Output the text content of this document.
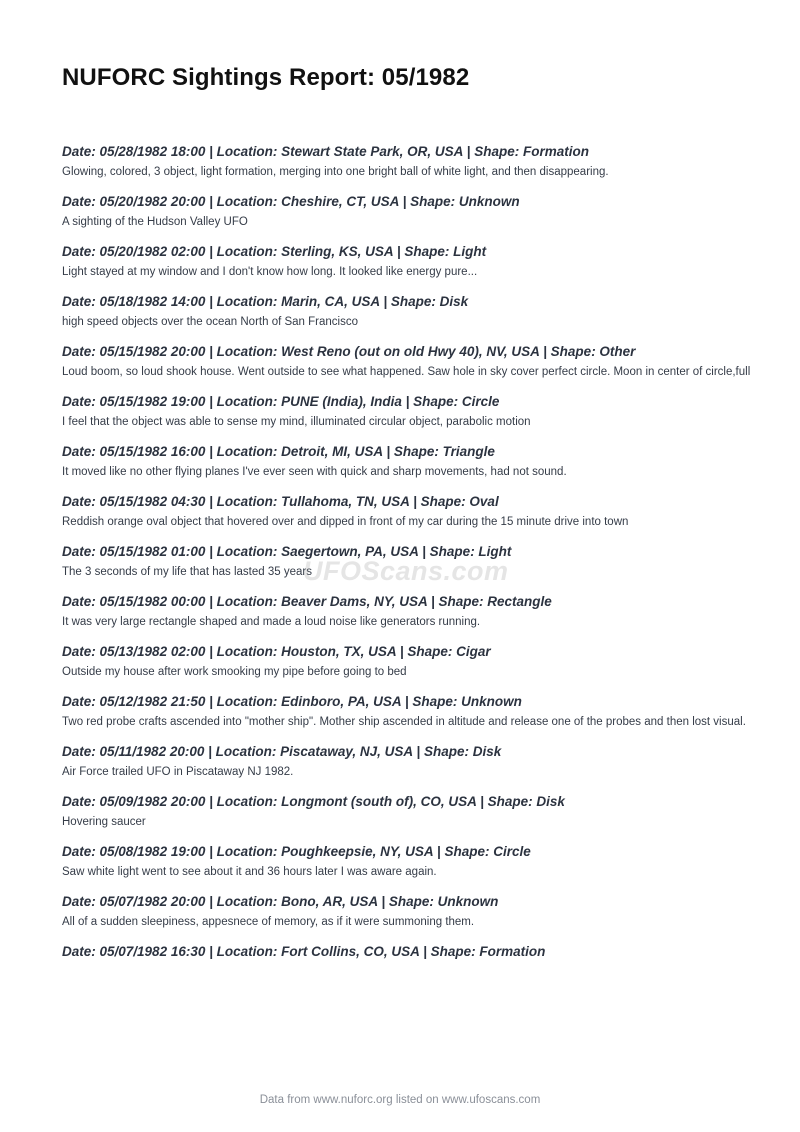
NUFORC Sightings Report: 05/1982

Date: 05/28/1982 18:00 | Location: Stewart State Park, OR, USA | Shape: Formation

Glowing, colored, 3 object, light formation, merging into one bright ball of white light, and then disappearing.

Date: 05/20/1982 20:00 | Location: Cheshire, CT, USA | Shape: Unknown

A sighting of the Hudson Valley UFO

Date: 05/20/1982 02:00 | Location: Sterling, KS, USA | Shape: Light

Light stayed at my window and I don't know how long. It looked like energy pure...

Date: 05/18/1982 14:00 | Location: Marin, CA, USA | Shape: Disk

high speed objects over the ocean North of San Francisco

Date: 05/15/1982 20:00 | Location: West Reno (out on old Hwy 40), NV, USA | Shape: Other

Loud boom, so loud shook house. Went outside to see what happened. Saw hole in sky cover perfect circle. Moon in center of circle,full

Date: 05/15/1982 19:00 | Location: PUNE (India), India | Shape: Circle

I feel that the object was able to sense my mind, illuminated circular object, parabolic motion

Date: 05/15/1982 16:00 | Location: Detroit, MI, USA | Shape: Triangle

It moved like no other flying planes I've ever seen with quick and sharp movements, had not sound.

Date: 05/15/1982 04:30 | Location: Tullahoma, TN, USA | Shape: Oval

Reddish orange oval object that hovered over and dipped in front of my car during the 15 minute drive into town

Date: 05/15/1982 01:00 | Location: Saegertown, PA, USA | Shape: Light

The 3 seconds of my life that has lasted 35 years

Date: 05/15/1982 00:00 | Location: Beaver Dams, NY, USA | Shape: Rectangle

It was very large rectangle shaped and made a loud noise like generators running.

Date: 05/13/1982 02:00 | Location: Houston, TX, USA | Shape: Cigar

Outside my house after work smooking my pipe before going to bed

Date: 05/12/1982 21:50 | Location: Edinboro, PA, USA | Shape: Unknown

Two red probe crafts ascended into "mother ship". Mother ship ascended in altitude and release one of the probes and then lost visual.

Date: 05/11/1982 20:00 | Location: Piscataway, NJ, USA | Shape: Disk

Air Force trailed UFO in Piscataway NJ 1982.

Date: 05/09/1982 20:00 | Location: Longmont (south of), CO, USA | Shape: Disk

Hovering saucer

Date: 05/08/1982 19:00 | Location: Poughkeepsie, NY, USA | Shape: Circle

Saw white light went to see about it and 36 hours later I was aware again.

Date: 05/07/1982 20:00 | Location: Bono, AR, USA | Shape: Unknown

All of a sudden sleepiness, appesnece of memory, as if it were summoning them.

Date: 05/07/1982 16:30 | Location: Fort Collins, CO, USA | Shape: Formation

UFOScans.com
Data from www.nuforc.org listed on www.ufoscans.com
